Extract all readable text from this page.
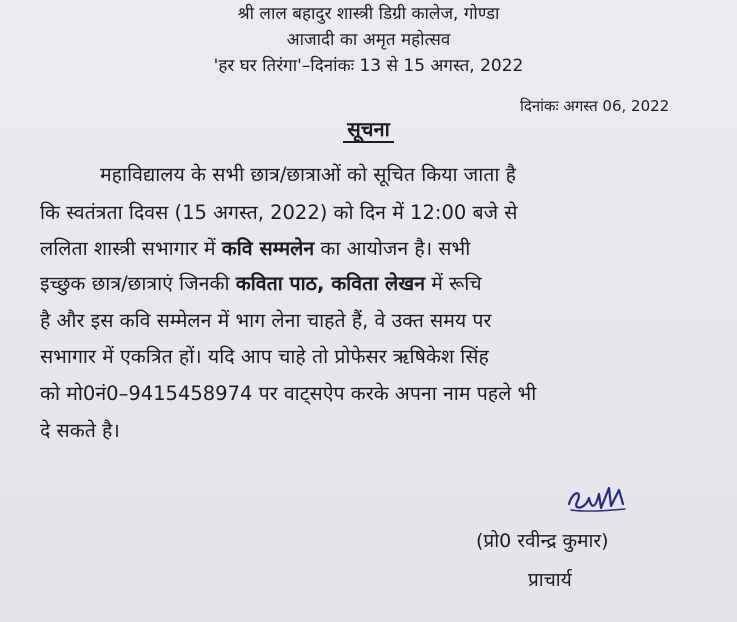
श्री लाल बहादुर शास्त्री डिग्री कालेज, गोण्डा
आजादी का अमृत महोत्सव
'हर घर तिरंगा'–दिनांकः 13 से 15 अगस्त, 2022
दिनांकः अगस्त 06, 2022
सूचना
महाविद्यालय के सभी छात्र/छात्राओं को सूचित किया जाता है
कि स्वतंत्रता दिवस (15 अगस्त, 2022) को दिन में 12:00 बजे से
ललिता शास्त्री सभागार में कवि सम्मलेन का आयोजन है। सभी
इच्छुक छात्र/छात्राएं जिनकी कविता पाठ, कविता लेखन में रूचि
है और इस कवि सम्मेलन में भाग लेना चाहते हैं, वे उक्त समय पर
सभागार में एकत्रित हों। यदि आप चाहे तो प्रोफेसर ऋषिकेश सिंह
को मो0नं0–9415458974 पर वाट्सऐप करके अपना नाम पहले भी
दे सकते है।
(प्रो0 रवीन्द्र कुमार)
प्राचार्य
